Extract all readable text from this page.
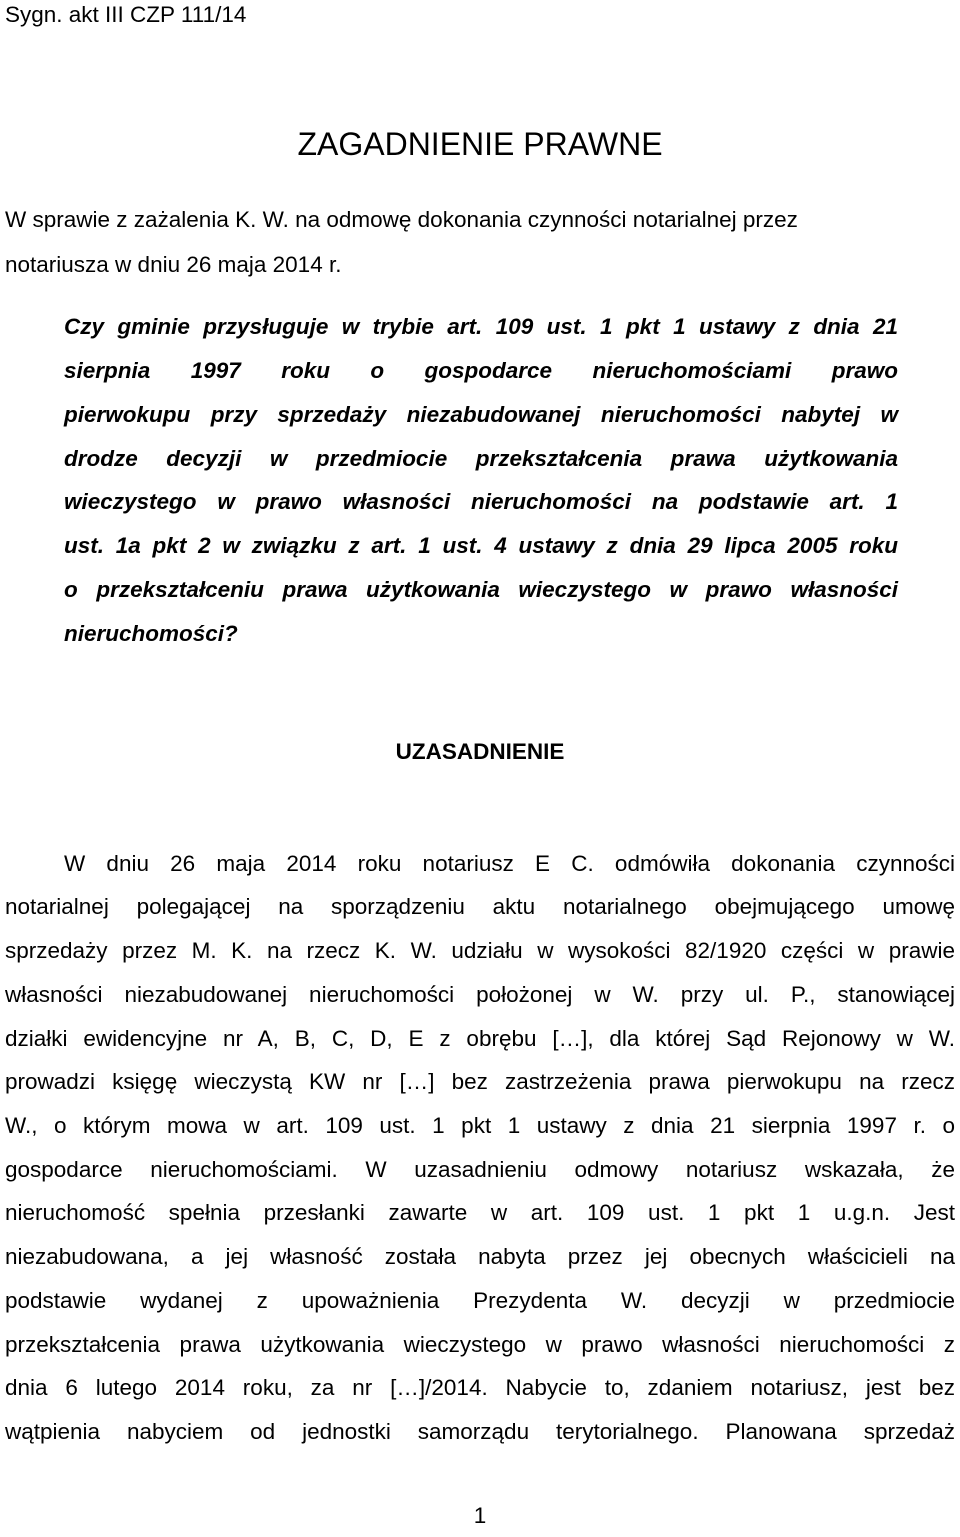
Sygn. akt III CZP 111/14
ZAGADNIENIE PRAWNE
W sprawie z zażalenia K. W. na odmowę dokonania czynności notarialnej przez
notariusza w dniu 26 maja 2014 r.
Czy gminie przysługuje w trybie art. 109 ust. 1 pkt 1 ustawy z dnia 21
sierpnia 1997 roku o gospodarce nieruchomościami prawo
pierwokupu przy sprzedaży niezabudowanej nieruchomości nabytej w
drodze decyzji w przedmiocie przekształcenia prawa użytkowania
wieczystego w prawo własności nieruchomości na podstawie art. 1
ust. 1a pkt 2 w związku z art. 1 ust. 4 ustawy z dnia 29 lipca 2005 roku
o przekształceniu prawa użytkowania wieczystego w prawo własności
nieruchomości?
UZASADNIENIE
W dniu 26 maja 2014 roku notariusz E C. odmówiła dokonania czynności
notarialnej polegającej na sporządzeniu aktu notarialnego obejmującego umowę
sprzedaży przez M. K. na rzecz K. W. udziału w wysokości 82/1920 części w prawie
własności niezabudowanej nieruchomości położonej w W. przy ul. P., stanowiącej
działki ewidencyjne nr A, B, C, D, E z obrębu […], dla której Sąd Rejonowy w W.
prowadzi księgę wieczystą KW nr […] bez zastrzeżenia prawa pierwokupu na rzecz
W., o którym mowa w art. 109 ust. 1 pkt 1 ustawy z dnia 21 sierpnia 1997 r. o
gospodarce nieruchomościami. W uzasadnieniu odmowy notariusz wskazała, że
nieruchomość spełnia przesłanki zawarte w art. 109 ust. 1 pkt 1 u.g.n. Jest
niezabudowana, a jej własność została nabyta przez jej obecnych właścicieli na
podstawie wydanej z upoważnienia Prezydenta W. decyzji w przedmiocie
przekształcenia prawa użytkowania wieczystego w prawo własności nieruchomości z
dnia 6 lutego 2014 roku, za nr […]/2014. Nabycie to, zdaniem notariusz, jest bez
wątpienia nabyciem od jednostki samorządu terytorialnego. Planowana sprzedaż
1
